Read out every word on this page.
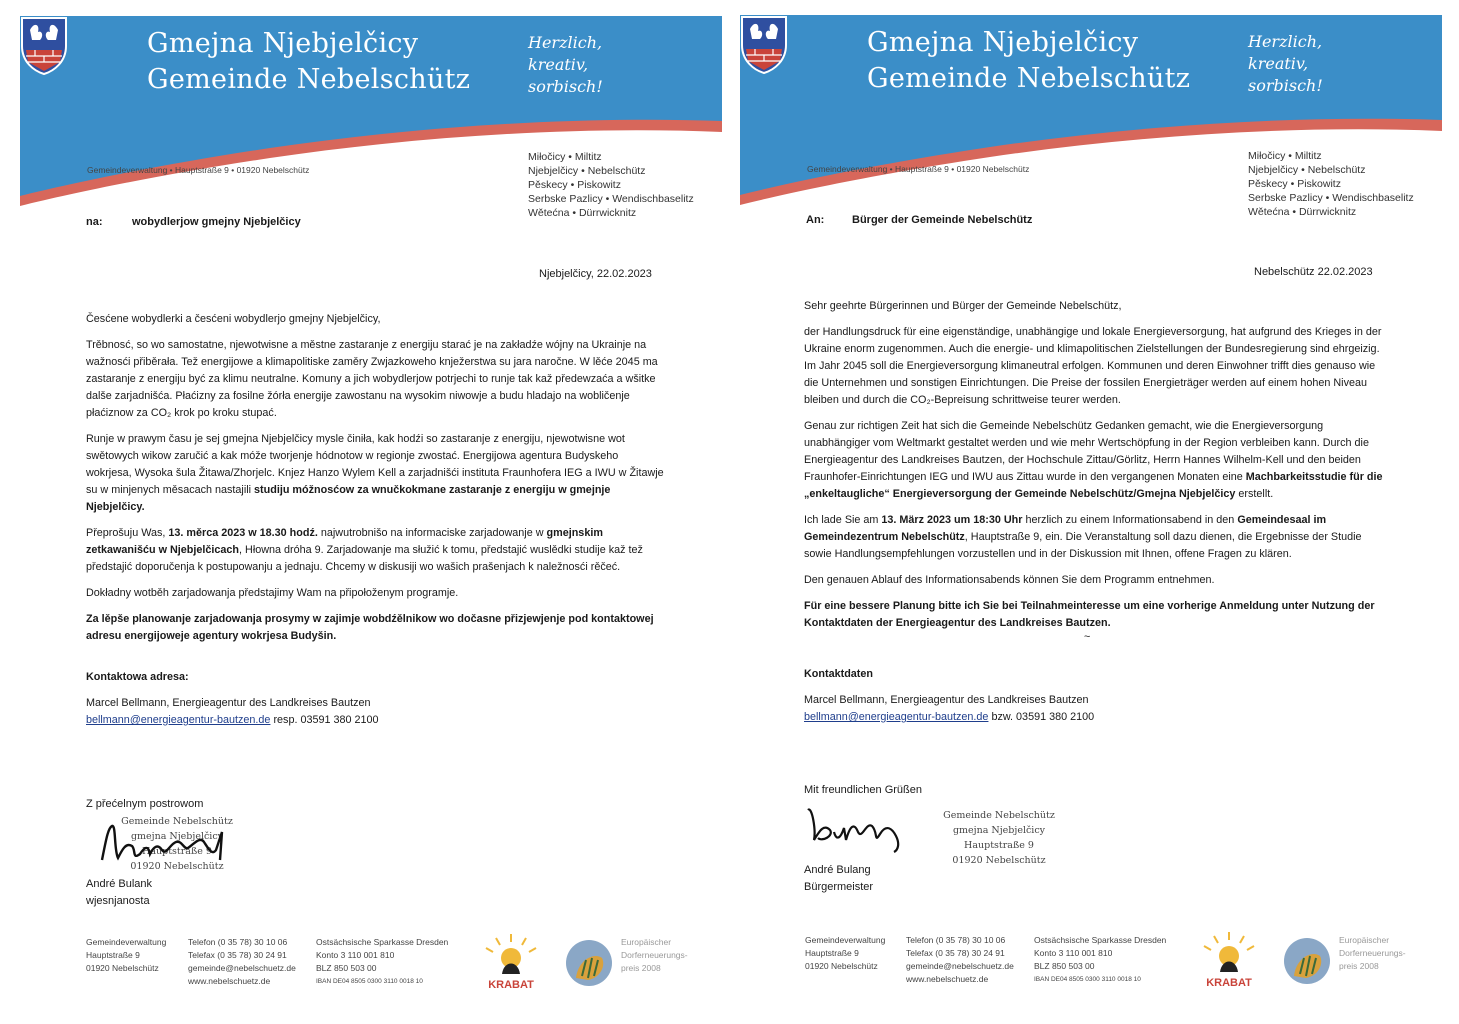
Gmejna Njebjelčicy
Gemeinde Nebelschütz
Herzlich,
kreativ,
sorbisch!
Gemeindeverwaltung • Hauptstraße 9 • 01920 Nebelschütz
Miłočicy • Miltitz
Njebjelčicy • Nebelschütz
Pěskecy • Piskowitz
Serbske Pazlicy • Wendischbaselitz
Wětećna • Dürrwicknitz
na:	wobydlerjow gmejny Njebjelčicy
Njebjelčicy, 22.02.2023

Česćene wobydlerki a česćeni wobydlerjo gmejny Njebjelčicy,

Trěbnosć, so wo samostatne, njewotwisne a městne zastaranje z energiju starać je na zakładźe wójny na Ukrainje na wažnosći přiběrała. Tež energijowe a klimapolitiske zaměry Zwjazkoweho knježerstwa su jara naročne. W lěće 2045 ma zastaranje z energiju być za klimu neutralne. Komuny a jich wobydlerjow potrjechi to runje tak kaž předewzaća a wšitke dalše zarjadnišća. Płaćizny za fosilne žórła energije zawostanu na wysokim niwowje a budu hladajo na wobličenje płaćiznow za CO₂ krok po kroku stupać.

Runje w prawym času je sej gmejna Njebjelčicy mysle činiła, kak hodźi so zastaranje z energiju, njewotwisne wot swětowych wikow zaručić a kak móže tworjenje hódnotow w regionje zwostać. Energijowa agentura Budyskeho wokrjesa, Wysoka šula Žitawa/Zhorjelc. Knjez Hanzo Wylem Kell a zarjadnišći instituta Fraunhofera IEG a IWU w Žitawje su w minjenych měsacach nastajili studiju móžnosćow za wnučkokmane zastaranje z energiju w gmejnje Njebjelčicy.

Přeprošuju Was, 13. měrca 2023 w 18.30 hodź. najwutrobnišo na informaciske zarjadowanje w gmejnskim zetkawanišću w Njebjelčicach, Hłowna dróha 9. Zarjadowanje ma słužić k tomu, předstajić wuslědki studije kaž tež předstajić doporučenja k postupowanju a jednaju. Chcemy w diskusiji wo wašich prašenjach k naležnosći rěčeć.

Dokładny wotběh zarjadowanja předstajimy Wam na připołoženym programje.

Za lěpše planowanje zarjadowanja prosymy w zajimje wobdźělnikow wo dočasne přizjewjenje pod kontaktowej adresu energijoweje agentury wokrjesa Budyšin.

Kontaktowa adresa:

Marcel Bellmann, Energieagentur des Landkreises Bautzen
bellmann@energieagentur-bautzen.de resp. 03591 380 2100
Z přećelnym postrowom
Gemeinde Nebelschütz
gmejna Njebjelčicy
Hauptstraße 9
01920 Nebelschütz
André Bulank
wjesnjanosta
Gemeindeverwaltung
Hauptstraße 9
01920 Nebelschütz
Telefon (0 35 78) 30 10 06
Telefax (0 35 78) 30 24 91
gemeinde@nebelschuetz.de
www.nebelschuetz.de
Ostsächsische Sparkasse Dresden
Konto 3 110 001 810
BLZ 850 503 00
IBAN DE04 8505 0300 3110 0018 10	KRABAT
Europäischer
Dorferneuerungs-
preis 2008
Gmejna Njebjelčicy
Gemeinde Nebelschütz
Herzlich,
kreativ,
sorbisch!
Gemeindeverwaltung • Hauptstraße 9 • 01920 Nebelschütz
Miłočicy • Miltitz
Njebjelčicy • Nebelschütz
Pěskecy • Piskowitz
Serbske Pazlicy • Wendischbaselitz
Wětećna • Dürrwicknitz
An:	Bürger der Gemeinde Nebelschütz
Nebelschütz 22.02.2023

Sehr geehrte Bürgerinnen und Bürger der Gemeinde Nebelschütz,

der Handlungsdruck für eine eigenständige, unabhängige und lokale Energieversorgung, hat aufgrund des Krieges in der Ukraine enorm zugenommen. Auch die energie- und klimapolitischen Zielstellungen der Bundesregierung sind ehrgeizig. Im Jahr 2045 soll die Energieversorgung klimaneutral erfolgen. Kommunen und deren Einwohner trifft dies genauso wie die Unternehmen und sonstigen Einrichtungen. Die Preise der fossilen Energieträger werden auf einem hohen Niveau bleiben und durch die CO₂-Bepreisung schrittweise teurer werden.

Genau zur richtigen Zeit hat sich die Gemeinde Nebelschütz Gedanken gemacht, wie die Energieversorgung unabhängiger vom Weltmarkt gestaltet werden und wie mehr Wertschöpfung in der Region verbleiben kann. Durch die Energieagentur des Landkreises Bautzen, der Hochschule Zittau/Görlitz, Herrn Hannes Wilhelm-Kell und den beiden Fraunhofer-Einrichtungen IEG und IWU aus Zittau wurde in den vergangenen Monaten eine Machbarkeitsstudie für die „enkeltaugliche“ Energieversorgung der Gemeinde Nebelschütz/Gmejna Njebjelčicy erstellt.

Ich lade Sie am 13. März 2023 um 18:30 Uhr herzlich zu einem Informationsabend in den Gemeindesaal im Gemeindezentrum Nebelschütz, Hauptstraße 9, ein. Die Veranstaltung soll dazu dienen, die Ergebnisse der Studie sowie Handlungsempfehlungen vorzustellen und in der Diskussion mit Ihnen, offene Fragen zu klären.

Den genauen Ablauf des Informationsabends können Sie dem Programm entnehmen.

Für eine bessere Planung bitte ich Sie bei Teilnahmeinteresse um eine vorherige Anmeldung unter Nutzung der Kontaktdaten der Energieagentur des Landkreises Bautzen.

~

Kontaktdaten

Marcel Bellmann, Energieagentur des Landkreises Bautzen
bellmann@energieagentur-bautzen.de bzw. 03591 380 2100
Mit freundlichen Grüßen
Gemeinde Nebelschütz
gmejna Njebjelčicy
Hauptstraße 9
01920 Nebelschütz
André Bulang
Bürgermeister
Gemeindeverwaltung
Hauptstraße 9
01920 Nebelschütz
Telefon (0 35 78) 30 10 06
Telefax (0 35 78) 30 24 91
gemeinde@nebelschuetz.de
www.nebelschuetz.de
Ostsächsische Sparkasse Dresden
Konto 3 110 001 810
BLZ 850 503 00
IBAN DE04 8505 0300 3110 0018 10	KRABAT
Europäischer
Dorferneuerungs-
preis 2008
